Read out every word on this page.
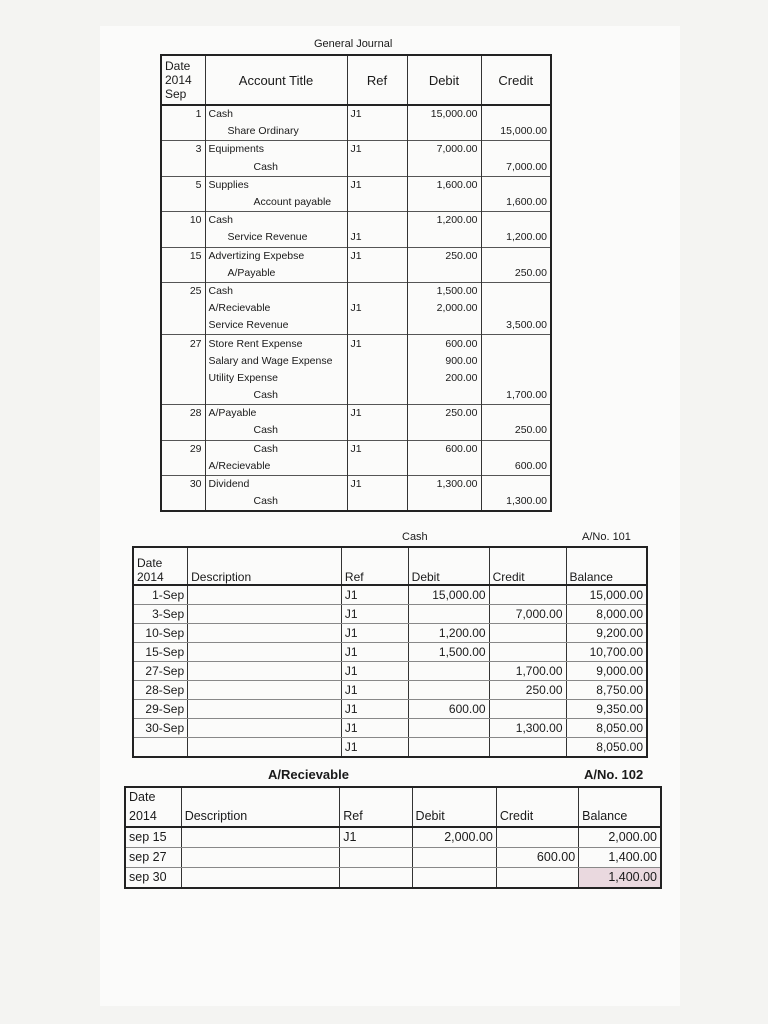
General Journal
Date
2014
Sep	Account Title	Ref	Debit	Credit
1	Cash	J1	15,000.00	
	Share Ordinary			15,000.00
3	Equipments	J1	7,000.00	
	Cash			7,000.00
5	Supplies	J1	1,600.00	
	Account payable			1,600.00
10	Cash		1,200.00	
	Service Revenue	J1		1,200.00
15	Advertizing Expebse	J1	250.00	
	A/Payable			250.00
25	Cash		1,500.00	
	A/Recievable	J1	2,000.00	
	Service Revenue			3,500.00
27	Store Rent Expense	J1	600.00	
	Salary and Wage Expense		900.00	
	Utility Expense		200.00	
	Cash			1,700.00
28	A/Payable	J1	250.00	
	Cash			250.00
29	Cash	J1	600.00	
	A/Recievable			600.00
30	Dividend	J1	1,300.00	
	Cash			1,300.00
Cash	A/No. 101
Date
2014	Description	Ref	Debit	Credit	Balance
1-Sep		J1	15,000.00		15,000.00
3-Sep		J1		7,000.00	8,000.00
10-Sep		J1	1,200.00		9,200.00
15-Sep		J1	1,500.00		10,700.00
27-Sep		J1		1,700.00	9,000.00
28-Sep		J1		250.00	8,750.00
29-Sep		J1	600.00		9,350.00
30-Sep		J1		1,300.00	8,050.00
		J1			8,050.00
A/Recievable	A/No. 102
Date
2014	Description	Ref	Debit	Credit	Balance
sep 15		J1	2,000.00		2,000.00
sep 27				600.00	1,400.00
sep 30					1,400.00
